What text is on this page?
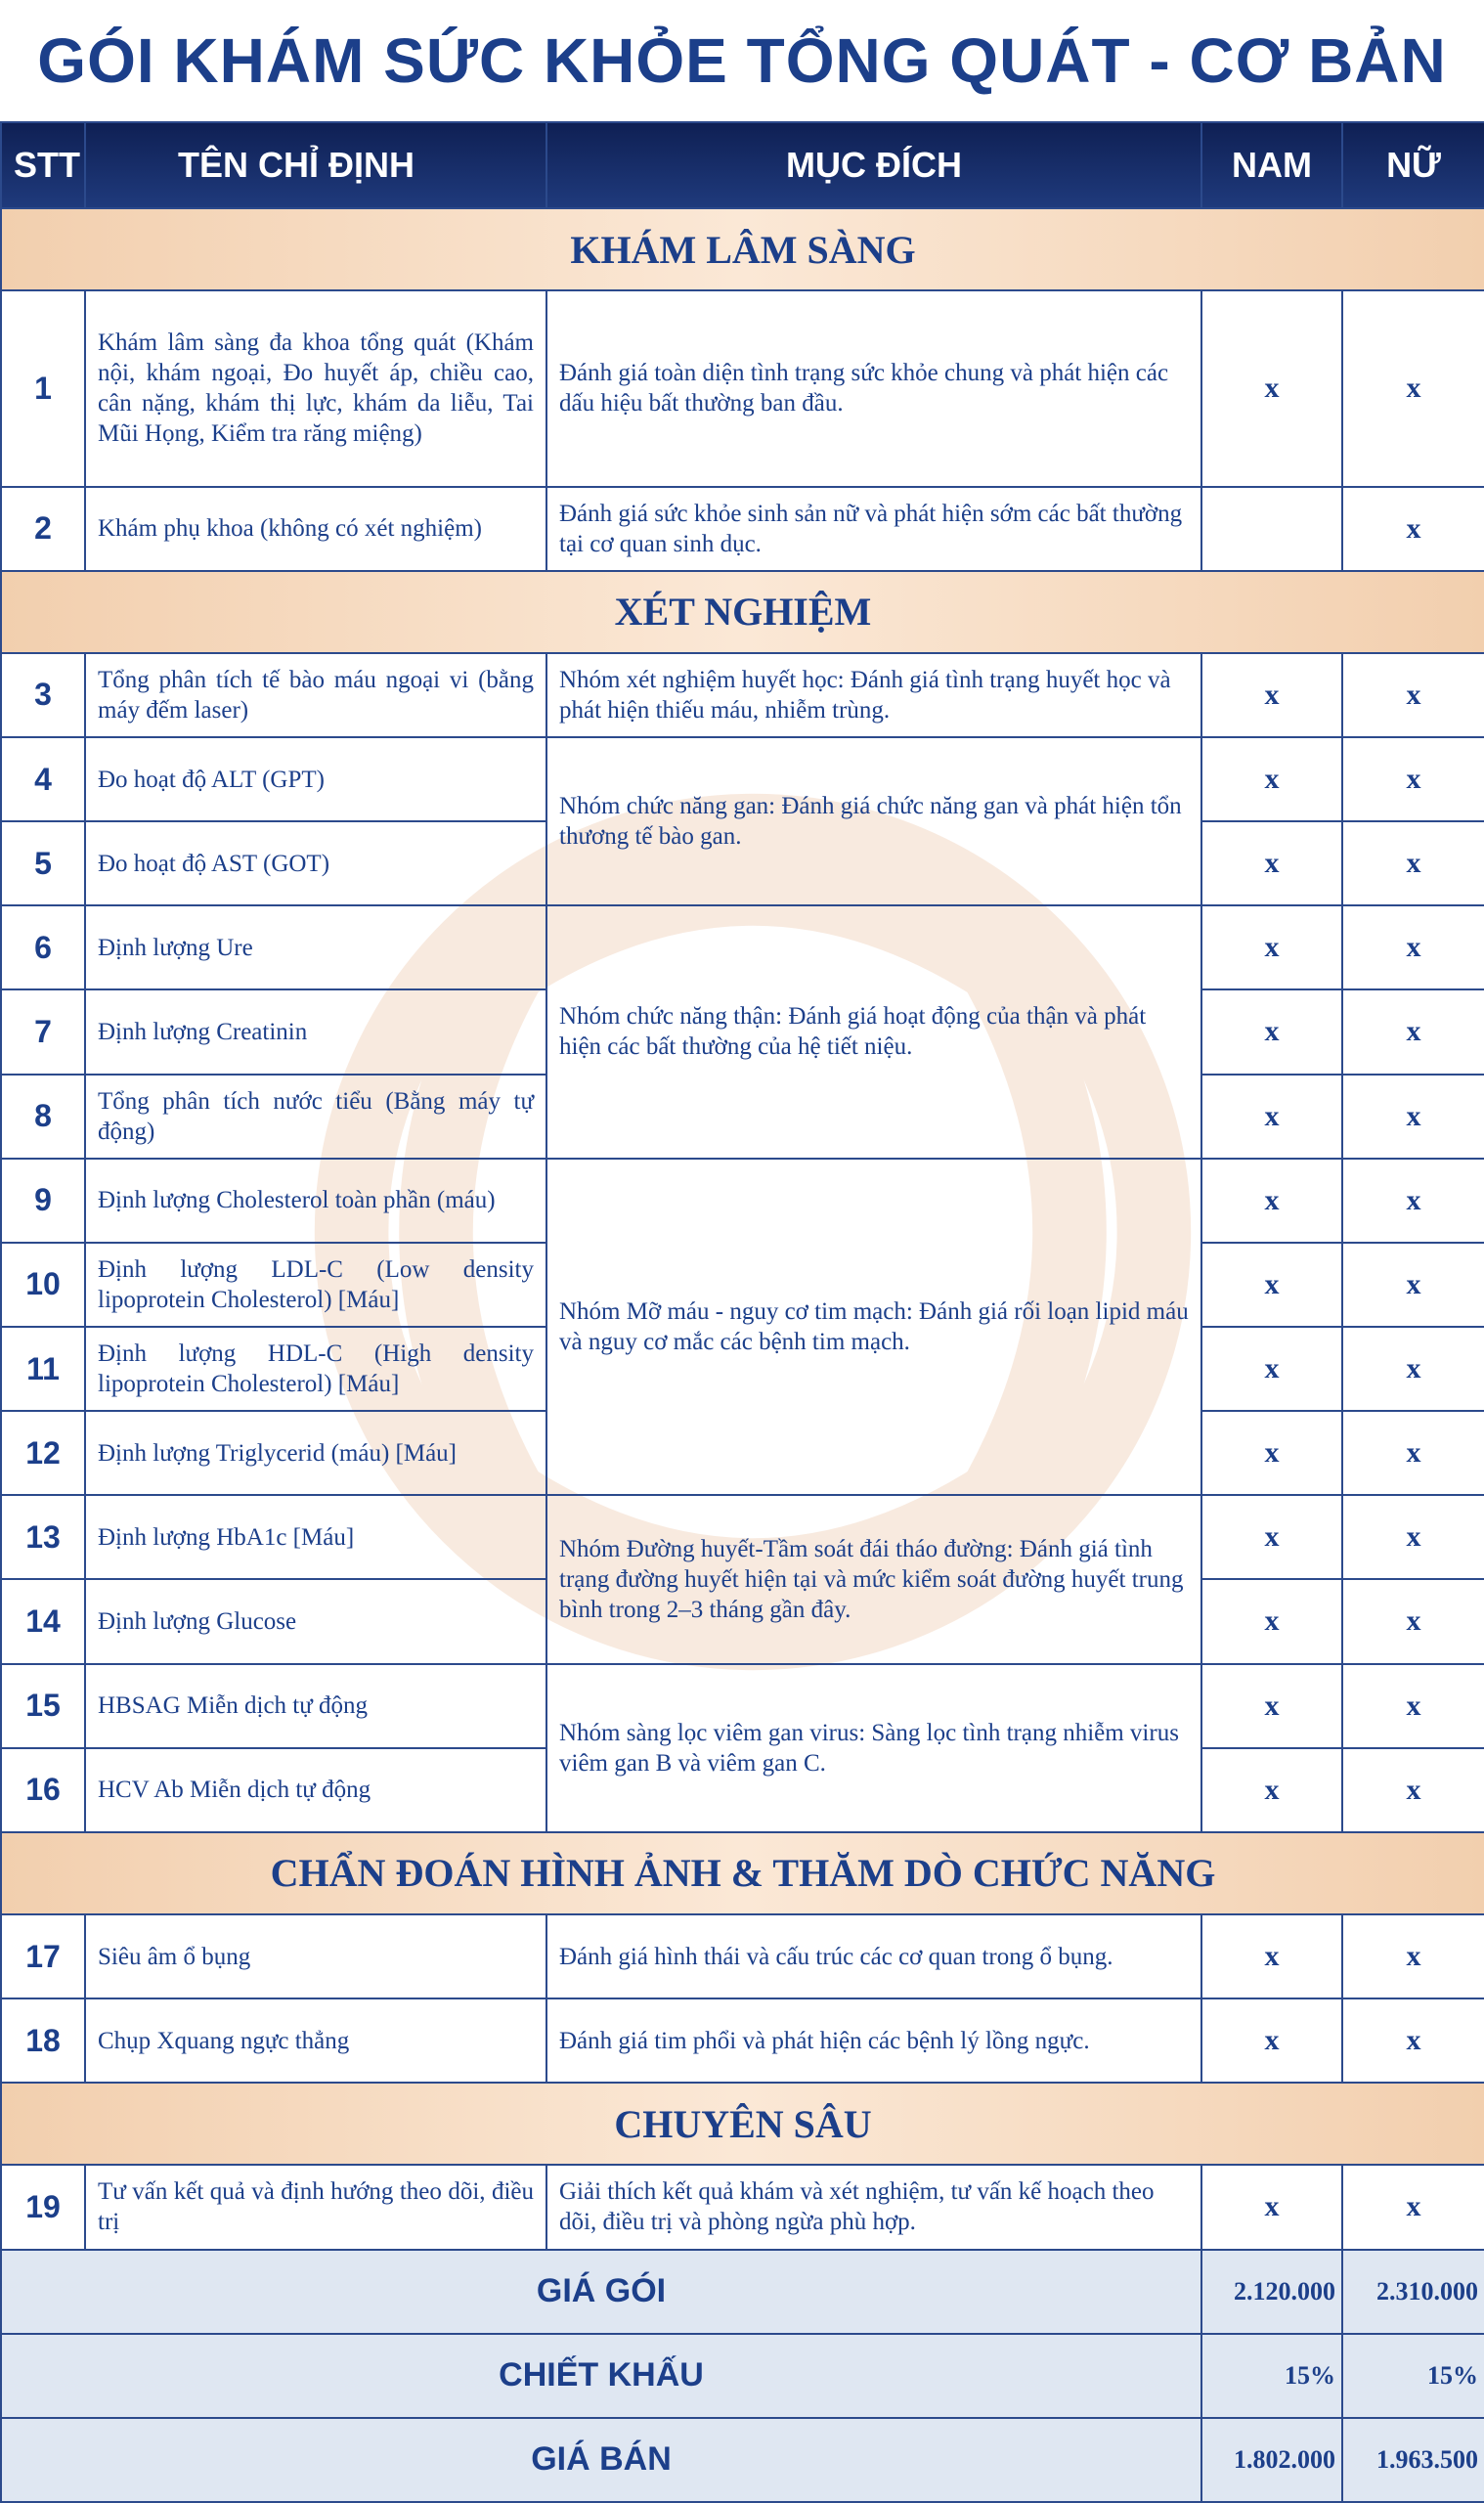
GÓI KHÁM SỨC KHỎE TỔNG QUÁT - CƠ BẢN
STT	TÊN CHỈ ĐỊNH	MỤC ĐÍCH	NAM	NỮ
KHÁM LÂM SÀNG				
1	Khám lâm sàng đa khoa tổng quát (Khám nội, khám ngoại, Đo huyết áp, chiều cao, cân nặng, khám thị lực, khám da liễu, Tai Mũi Họng, Kiểm tra răng miệng)	Đánh giá toàn diện tình trạng sức khỏe chung và phát hiện các dấu hiệu bất thường ban đầu.	x	x
2	Khám phụ khoa (không có xét nghiệm)	Đánh giá sức khỏe sinh sản nữ và phát hiện sớm các bất thường tại cơ quan sinh dục.		x
XÉT NGHIỆM				
3	Tổng phân tích tế bào máu ngoại vi (bằng máy đếm laser)	Nhóm xét nghiệm huyết học: Đánh giá tình trạng huyết học và phát hiện thiếu máu, nhiễm trùng.	x	x
4	Đo hoạt độ ALT (GPT)	Nhóm chức năng gan: Đánh giá chức năng gan và phát hiện tổn thương tế bào gan.	x	x
5	Đo hoạt độ AST (GOT)		x	x
6	Định lượng Ure	Nhóm chức năng thận: Đánh giá hoạt động của thận và phát hiện các bất thường của hệ tiết niệu.	x	x
7	Định lượng Creatinin		x	x
8	Tổng phân tích nước tiểu (Bằng máy tự động)		x	x
9	Định lượng Cholesterol toàn phần (máu)	Nhóm Mỡ máu - nguy cơ tim mạch: Đánh giá rối loạn lipid máu và nguy cơ mắc các bệnh tim mạch.	x	x
10	Định lượng LDL-C (Low density lipoprotein Cholesterol) [Máu]		x	x
11	Định lượng HDL-C (High density lipoprotein Cholesterol) [Máu]		x	x
12	Định lượng Triglycerid (máu) [Máu]		x	x
13	Định lượng HbA1c [Máu]	Nhóm Đường huyết-Tầm soát đái tháo đường: Đánh giá tình trạng đường huyết hiện tại và mức kiểm soát đường huyết trung bình trong 2–3 tháng gần đây.	x	x
14	Định lượng Glucose		x	x
15	HBSAG Miễn dịch tự động	Nhóm sàng lọc viêm gan virus: Sàng lọc tình trạng nhiễm virus viêm gan B và viêm gan C.	x	x
16	HCV Ab Miễn dịch tự động		x	x
CHẨN ĐOÁN HÌNH ẢNH & THĂM DÒ CHỨC NĂNG				
17	Siêu âm ổ bụng	Đánh giá hình thái và cấu trúc các cơ quan trong ổ bụng.	x	x
18	Chụp Xquang ngực thẳng	Đánh giá tim phổi và phát hiện các bệnh lý lồng ngực.	x	x
CHUYÊN SÂU				
19	Tư vấn kết quả và định hướng theo dõi, điều trị	Giải thích kết quả khám và xét nghiệm, tư vấn kế hoạch theo dõi, điều trị và phòng ngừa phù hợp.	x	x
GIÁ GÓI			2.120.000	2.310.000
CHIẾT KHẤU			15%	15%
GIÁ BÁN			1.802.000	1.963.500
